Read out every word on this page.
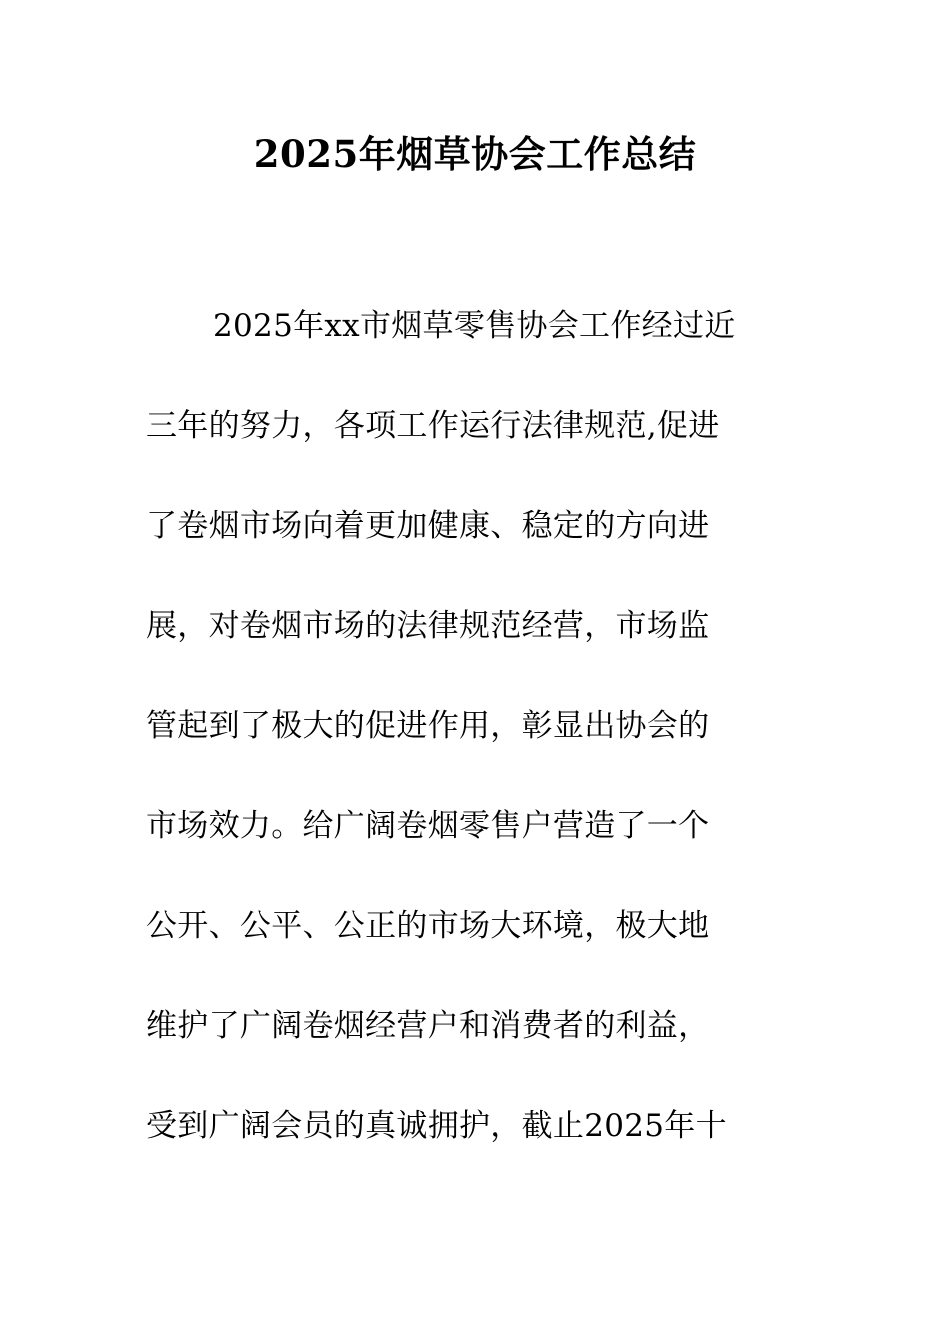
2025年烟草协会工作总结

2025年xx市烟草零售协会工作经过近

三年的努力，各项工作运行法律规范,促进

了卷烟市场向着更加健康、稳定的方向进

展，对卷烟市场的法律规范经营，市场监

管起到了极大的促进作用，彰显出协会的

市场效力。给广阔卷烟零售户营造了一个

公开、公平、公正的市场大环境，极大地

维护了广阔卷烟经营户和消费者的利益，

受到广阔会员的真诚拥护，截止2025年十
